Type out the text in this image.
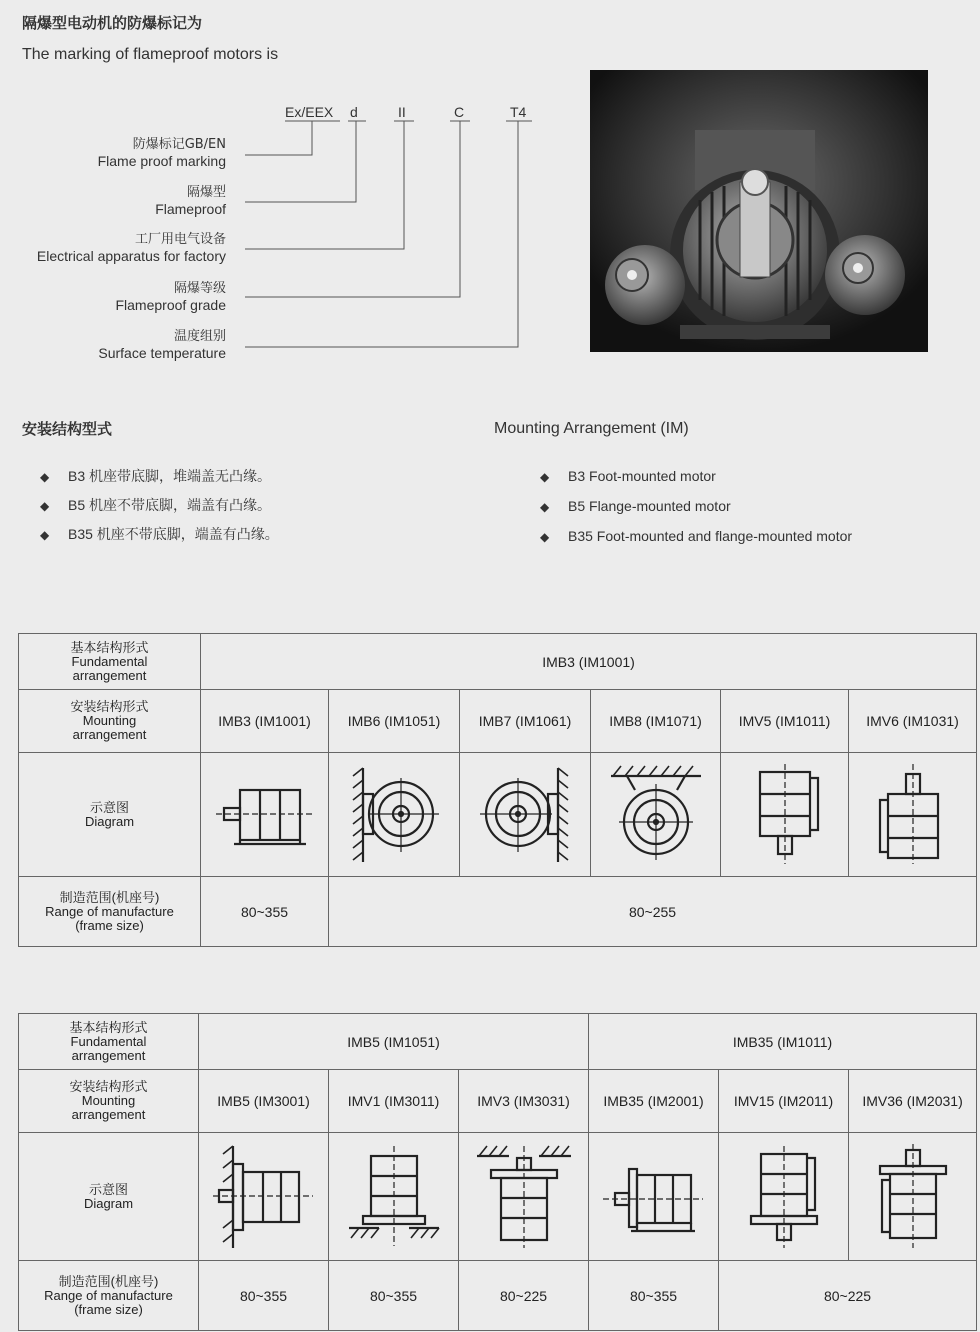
隔爆型电动机的防爆标记为
The marking of flameproof motors is
Ex/EEX d	II	C	T4
防爆标记GB/EN
Flame proof marking
隔爆型
Flameproof
工厂用电气设备
Electrical apparatus for factory
隔爆等级
Flameproof grade
温度组别
Surface temperature
安装结构型式	Mounting Arrangement (IM)
◆ B3 机座带底脚，堆端盖无凸缘。
◆ B5 机座不带底脚，端盖有凸缘。
◆ B35 机座不带底脚，端盖有凸缘。
◆ B3 Foot-mounted motor
◆ B5 Flange-mounted motor
◆ B35 Foot-mounted and flange-mounted motor
基本结构形式
Fundamental
arrangement	IMB3 (IM1001)					

安装结构形式
Mounting
arrangement	IMB3 (IM1001)	IMB6 (IM1051)	IMB7 (IM1061)	IMB8 (IM1071)	IMV5 (IM1011)	IMV6 (IM1031)

示意图
Diagram

制造范围(机座号)
Range of manufacture
(frame size)	80~355	80~255				
基本结构形式
Fundamental
arrangement	IMB5 (IM1051)			IMB35 (IM1011)		

安装结构形式
Mounting
arrangement	IMB5 (IM3001)	IMV1 (IM3011)	IMV3 (IM3031)	IMB35 (IM2001)	IMV15 (IM2011)	IMV36 (IM2031)

示意图
Diagram

制造范围(机座号)
Range of manufacture
(frame size)	80~355	80~355	80~225	80~355	80~225	
